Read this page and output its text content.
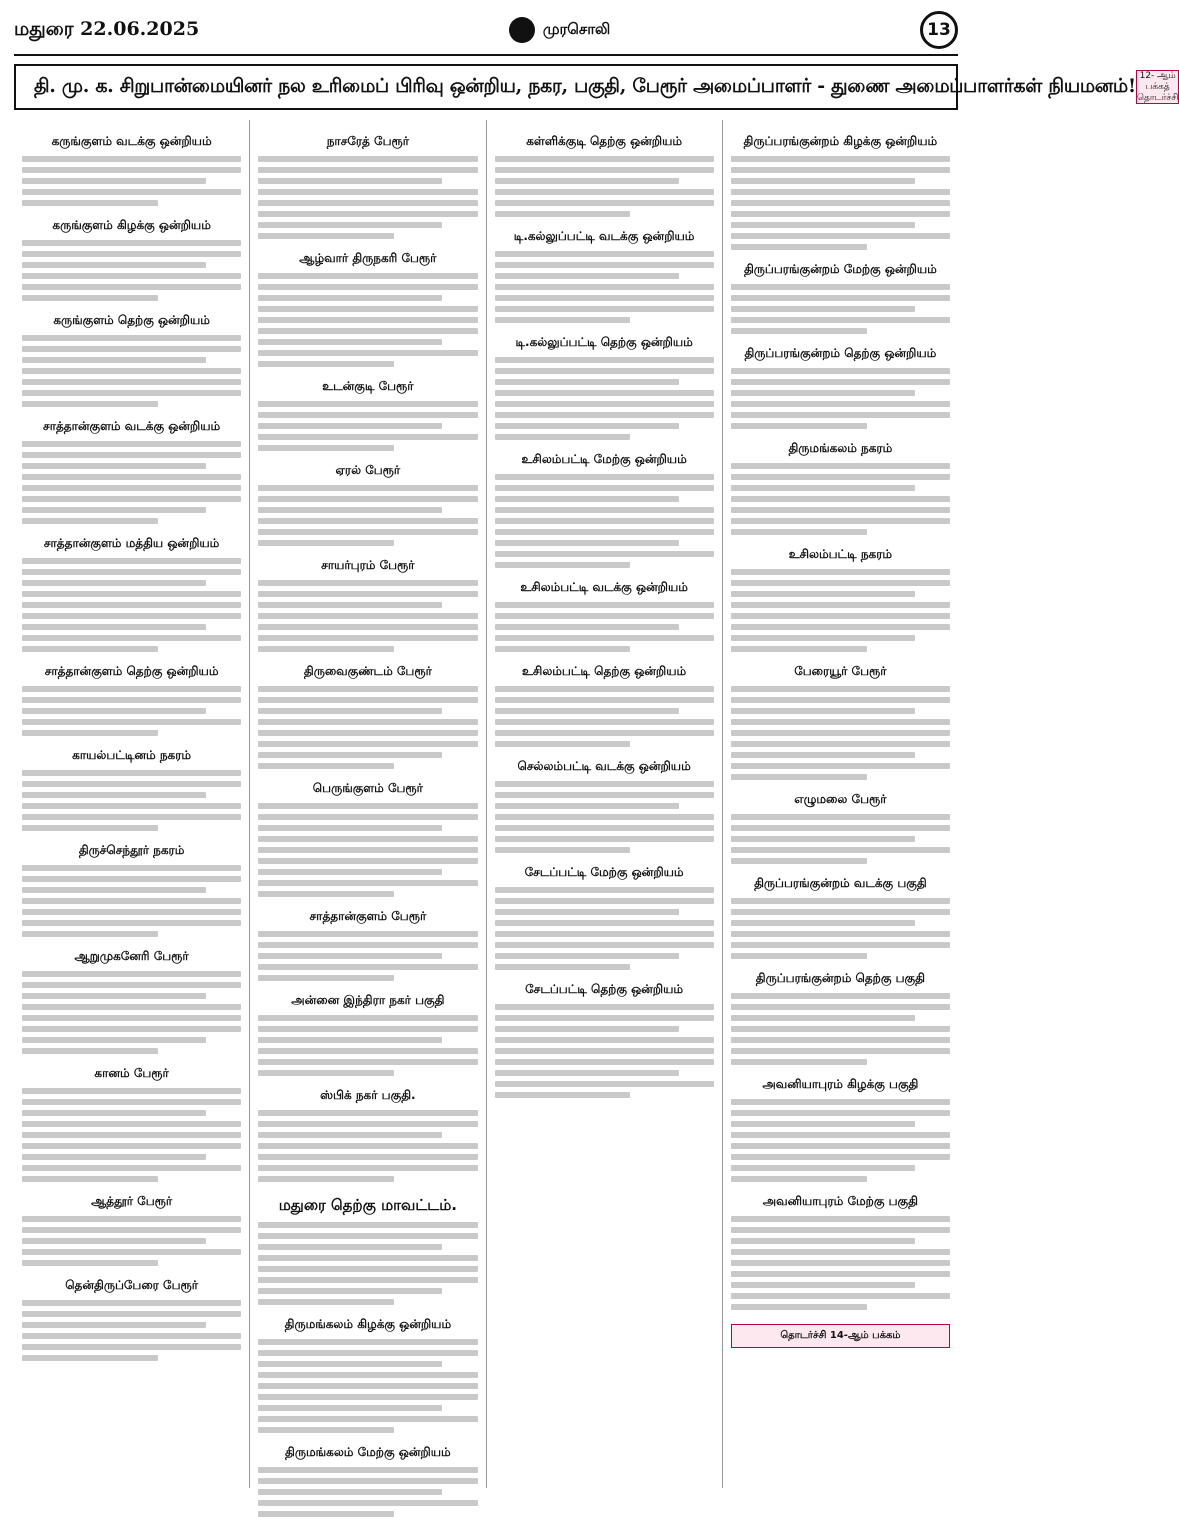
மதுரை 22.06.2025	முரசொலி	13
தி. மு. க. சிறுபான்மையினர் நல உரிமைப் பிரிவு ஒன்றிய, நகர, பகுதி, பேரூர் அமைப்பாளர் - துணை அமைப்பாளர்கள் நியமனம்! 12- ஆம் பக்கத்
தொடர்ச்சி
கருங்குளம் வடக்கு ஒன்றியம்
கருங்குளம் கிழக்கு ஒன்றியம்
கருங்குளம் தெற்கு ஒன்றியம்
சாத்தான்குளம் வடக்கு ஒன்றியம்
சாத்தான்குளம் மத்திய ஒன்றியம்
சாத்தான்குளம் தெற்கு ஒன்றியம்
காயல்பட்டினம் நகரம்
திருச்செந்தூர் நகரம்
ஆறுமுகனேரி பேரூர்
கானம் பேரூர்
ஆத்தூர் பேரூர்
தென்திருப்பேரை பேரூர்
நாசரேத் பேரூர்
ஆழ்வார் திருநகரி பேரூர்
உடன்குடி பேரூர்
ஏரல் பேரூர்
சாயர்புரம் பேரூர்
திருவைகுண்டம் பேரூர்
பெருங்குளம் பேரூர்
சாத்தான்குளம் பேரூர்
அன்னை இந்திரா நகர் பகுதி
ஸ்பிக் நகர் பகுதி.
மதுரை தெற்கு மாவட்டம்.
திருமங்கலம் கிழக்கு ஒன்றியம்
திருமங்கலம் மேற்கு ஒன்றியம்
கள்ளிக்குடி தெற்கு ஒன்றியம்
டி.கல்லுப்பட்டி வடக்கு ஒன்றியம்
டி.கல்லுப்பட்டி தெற்கு ஒன்றியம்
உசிலம்பட்டி மேற்கு ஒன்றியம்
உசிலம்பட்டி வடக்கு ஒன்றியம்
உசிலம்பட்டி தெற்கு ஒன்றியம்
செல்லம்பட்டி வடக்கு ஒன்றியம்
சேடப்பட்டி மேற்கு ஒன்றியம்
சேடப்பட்டி தெற்கு ஒன்றியம்
திருப்பரங்குன்றம் கிழக்கு ஒன்றியம்
திருப்பரங்குன்றம் மேற்கு ஒன்றியம்
திருப்பரங்குன்றம் தெற்கு ஒன்றியம்
திருமங்கலம் நகரம்
உசிலம்பட்டி நகரம்
பேரையூர் பேரூர்
எழுமலை பேரூர்
திருப்பரங்குன்றம் வடக்கு பகுதி
திருப்பரங்குன்றம் தெற்கு பகுதி
அவனியாபுரம் கிழக்கு பகுதி
அவனியாபுரம் மேற்கு பகுதி
தொடர்ச்சி 14-ஆம் பக்கம்
